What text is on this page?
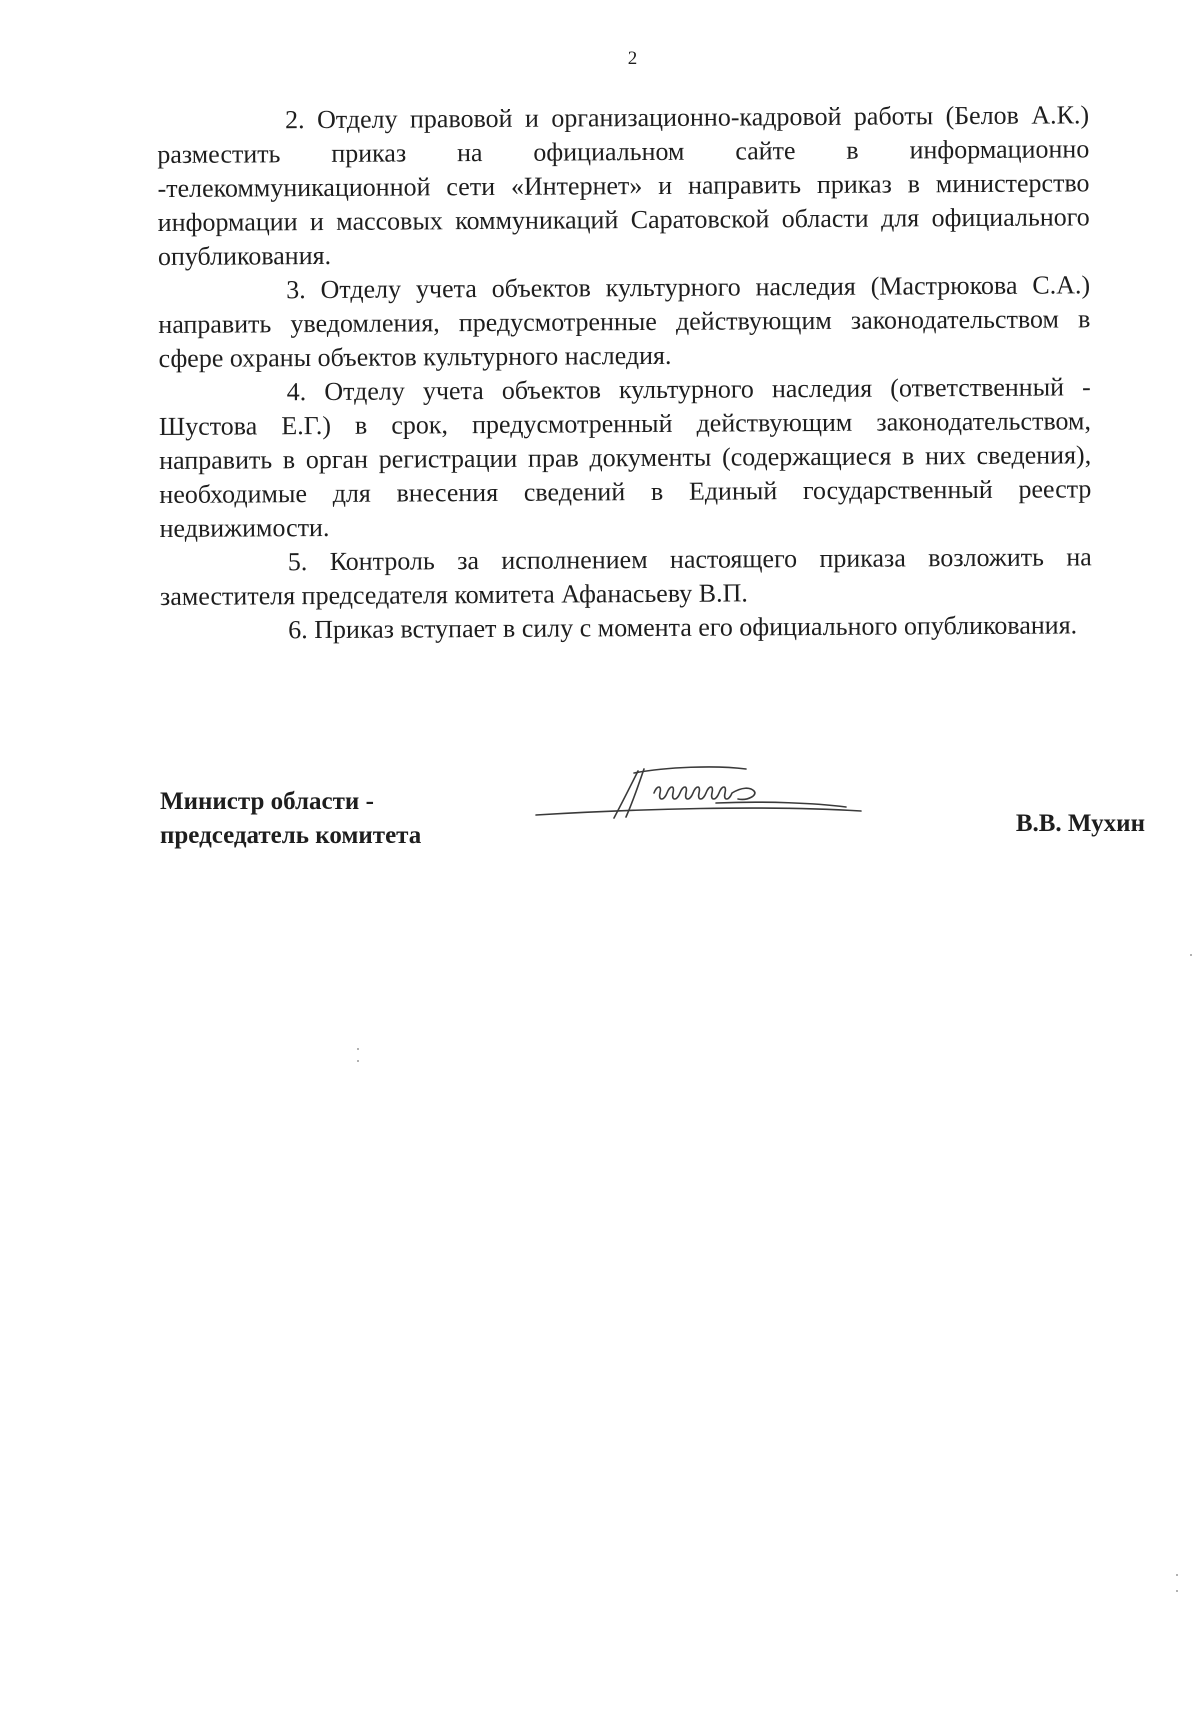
2

2. Отделу правовой и организационно-кадровой работы (Белов А.К.) разместить приказ на официальном сайте в информационно -телекоммуникационной сети «Интернет» и направить приказ в министерство информации и массовых коммуникаций Саратовской области для официального опубликования.

3. Отделу учета объектов культурного наследия (Мастрюкова С.А.) направить уведомления, предусмотренные действующим законодательством в сфере охраны объектов культурного наследия.

4. Отделу учета объектов культурного наследия (ответственный - Шустова Е.Г.) в срок, предусмотренный действующим законодательством, направить в орган регистрации прав документы (содержащиеся в них сведения), необходимые для внесения сведений в Единый государственный реестр недвижимости.

5. Контроль за исполнением настоящего приказа возложить на заместителя председателя комитета Афанасьеву В.П.

6. Приказ вступает в силу с момента его официального опубликования.

Министр области -
председатель комитета	В.В. Мухин
